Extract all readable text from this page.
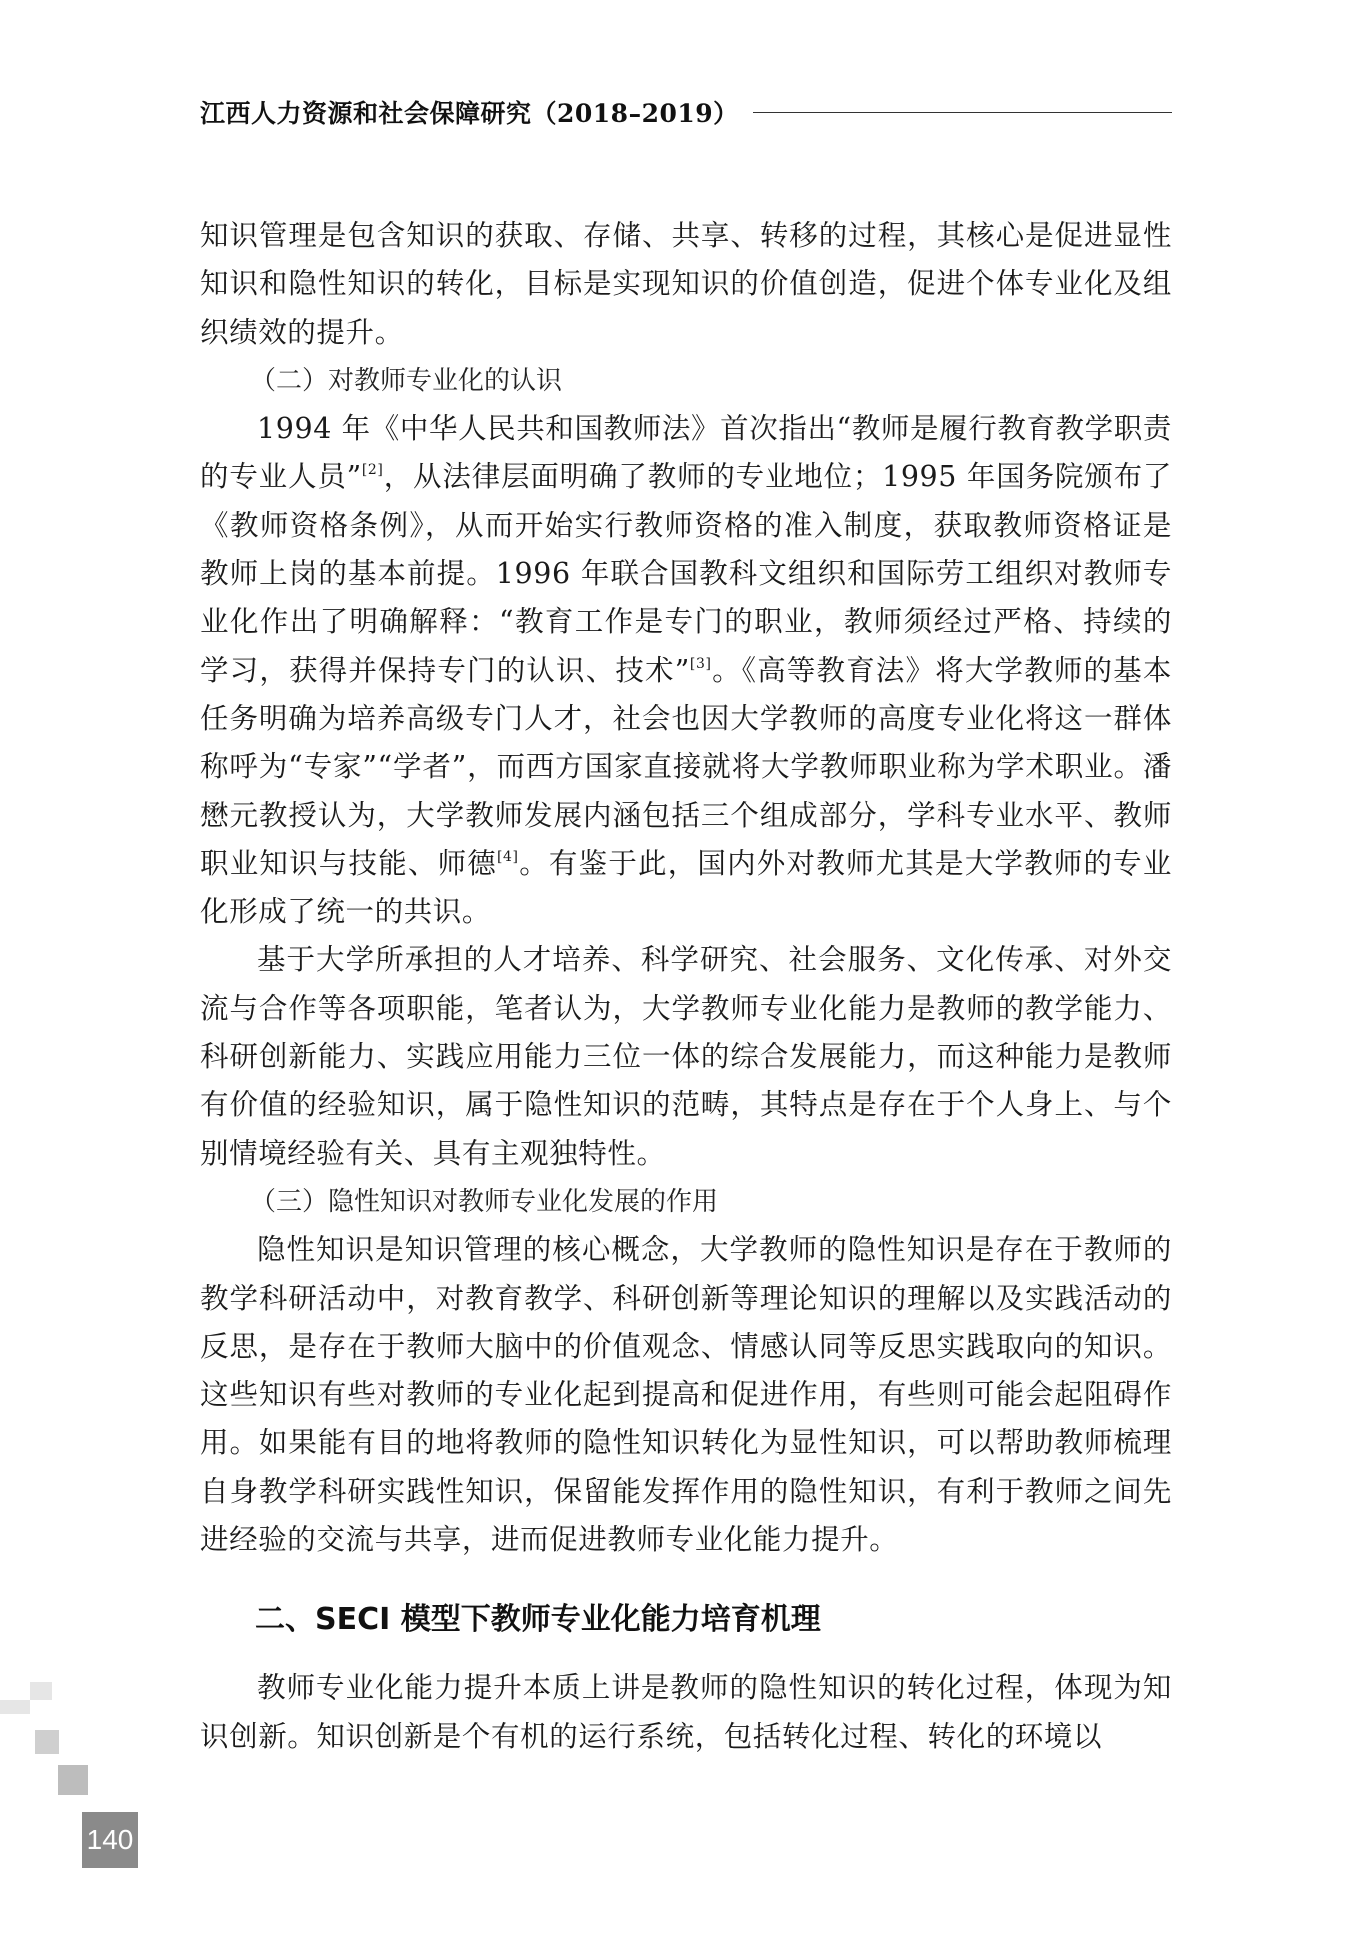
江西人力资源和社会保障研究（2018–2019）

知识管理是包含知识的获取、存储、共享、转移的过程，其核心是促进显性知识和隐性知识的转化，目标是实现知识的价值创造，促进个体专业化及组织绩效的提升。

（二）对教师专业化的认识

1994 年《中华人民共和国教师法》首次指出“教师是履行教育教学职责的专业人员”[2]，从法律层面明确了教师的专业地位；1995 年国务院颁布了《教师资格条例》，从而开始实行教师资格的准入制度，获取教师资格证是教师上岗的基本前提。1996 年联合国教科文组织和国际劳工组织对教师专业化作出了明确解释：“教育工作是专门的职业，教师须经过严格、持续的学习，获得并保持专门的认识、技术”[3]。《高等教育法》将大学教师的基本任务明确为培养高级专门人才，社会也因大学教师的高度专业化将这一群体称呼为“专家”“学者”，而西方国家直接就将大学教师职业称为学术职业。潘懋元教授认为，大学教师发展内涵包括三个组成部分，学科专业水平、教师职业知识与技能、师德[4]。有鉴于此，国内外对教师尤其是大学教师的专业化形成了统一的共识。

基于大学所承担的人才培养、科学研究、社会服务、文化传承、对外交流与合作等各项职能，笔者认为，大学教师专业化能力是教师的教学能力、科研创新能力、实践应用能力三位一体的综合发展能力，而这种能力是教师有价值的经验知识，属于隐性知识的范畴，其特点是存在于个人身上、与个别情境经验有关、具有主观独特性。

（三）隐性知识对教师专业化发展的作用

隐性知识是知识管理的核心概念，大学教师的隐性知识是存在于教师的教学科研活动中，对教育教学、科研创新等理论知识的理解以及实践活动的反思，是存在于教师大脑中的价值观念、情感认同等反思实践取向的知识。这些知识有些对教师的专业化起到提高和促进作用，有些则可能会起阻碍作用。如果能有目的地将教师的隐性知识转化为显性知识，可以帮助教师梳理自身教学科研实践性知识，保留能发挥作用的隐性知识，有利于教师之间先进经验的交流与共享，进而促进教师专业化能力提升。

二、SECI 模型下教师专业化能力培育机理

教师专业化能力提升本质上讲是教师的隐性知识的转化过程，体现为知识创新。知识创新是个有机的运行系统，包括转化过程、转化的环境以

140
